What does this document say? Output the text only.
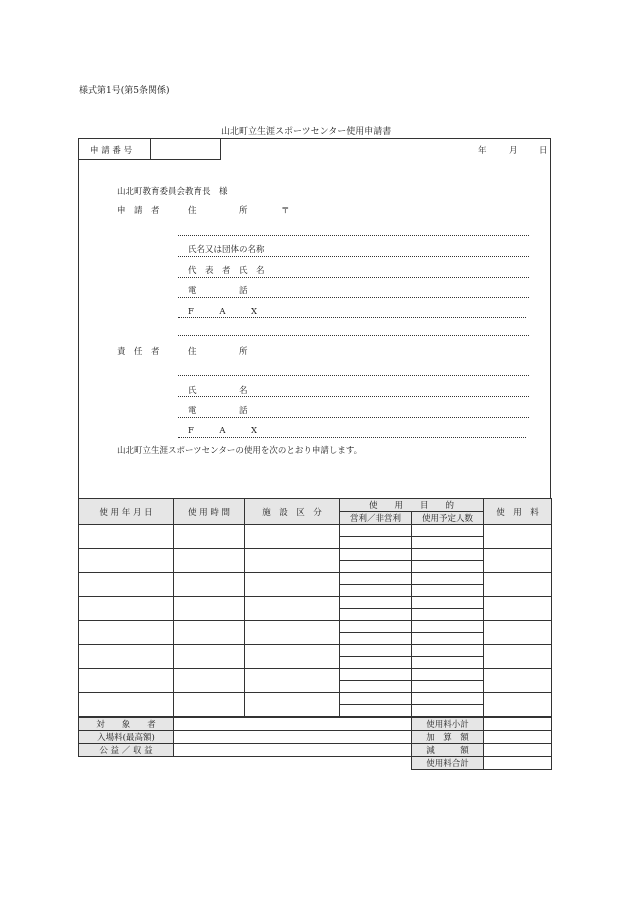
様式第1号(第5条関係)
山北町立生涯スポーツセンター使用申請書
申 請 番 号	年	月	日
山北町教育委員会教育長　様
申　請　者	住　　　　　所	〒
氏名又は団体の名称
代　表　者　氏　名
電　　　　　話
F　　　A　　　X
責　任　者	住　　　　　所
氏　　　　　名
電　　　　　話
F　　　A　　　X
山北町立生涯スポーツセンターの使用を次のとおり申請します。
使 用 年 月 日	使 用 時 間	施　設　区　分	使　　用　　目　　的		使　用　料
			営利／非営利	使用予定人数	

対　　象　　者		使用料小計	
入場料(最高額)		加　算　額	
公 益 ／ 収 益		減　　　額	
		使用料合計	
